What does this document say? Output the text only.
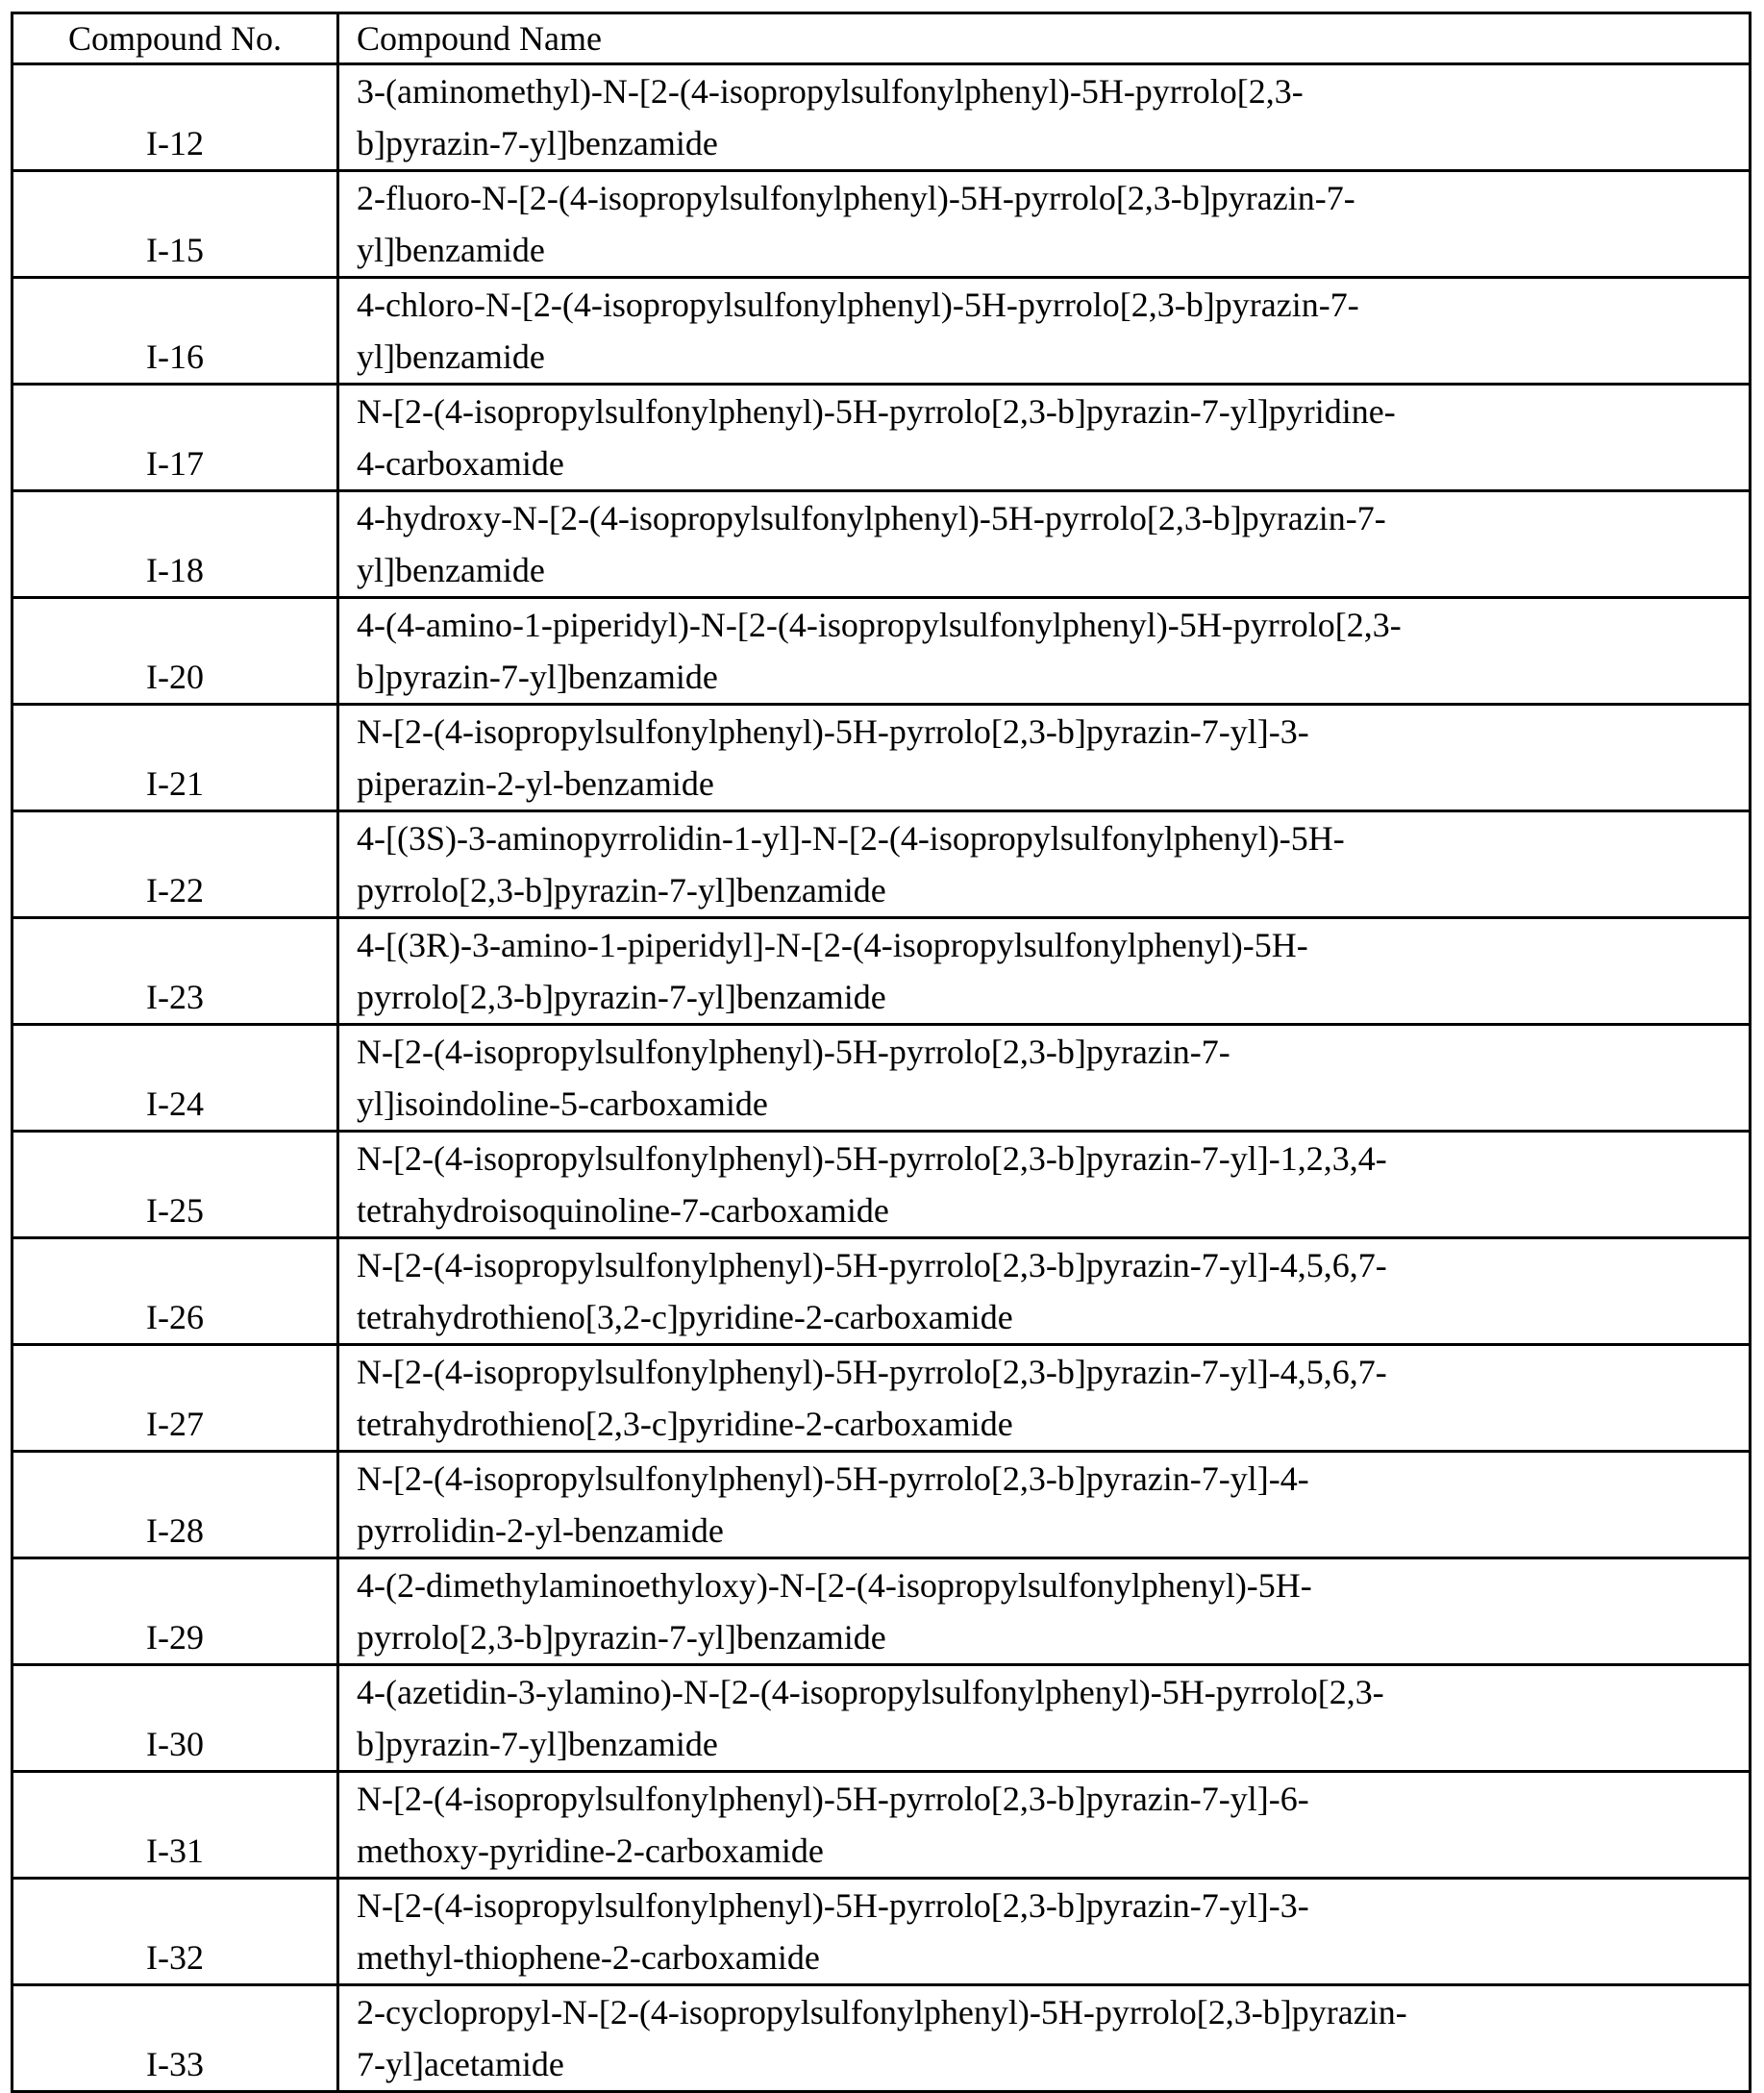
Compound No.	Compound Name
I-12	3-(aminomethyl)-N-[2-(4-isopropylsulfonylphenyl)-5H-pyrrolo[2,3-
b]pyrazin-7-yl]benzamide
I-15	2-fluoro-N-[2-(4-isopropylsulfonylphenyl)-5H-pyrrolo[2,3-b]pyrazin-7-
yl]benzamide
I-16	4-chloro-N-[2-(4-isopropylsulfonylphenyl)-5H-pyrrolo[2,3-b]pyrazin-7-
yl]benzamide
I-17	N-[2-(4-isopropylsulfonylphenyl)-5H-pyrrolo[2,3-b]pyrazin-7-yl]pyridine-
4-carboxamide
I-18	4-hydroxy-N-[2-(4-isopropylsulfonylphenyl)-5H-pyrrolo[2,3-b]pyrazin-7-
yl]benzamide
I-20	4-(4-amino-1-piperidyl)-N-[2-(4-isopropylsulfonylphenyl)-5H-pyrrolo[2,3-
b]pyrazin-7-yl]benzamide
I-21	N-[2-(4-isopropylsulfonylphenyl)-5H-pyrrolo[2,3-b]pyrazin-7-yl]-3-
piperazin-2-yl-benzamide
I-22	4-[(3S)-3-aminopyrrolidin-1-yl]-N-[2-(4-isopropylsulfonylphenyl)-5H-
pyrrolo[2,3-b]pyrazin-7-yl]benzamide
I-23	4-[(3R)-3-amino-1-piperidyl]-N-[2-(4-isopropylsulfonylphenyl)-5H-
pyrrolo[2,3-b]pyrazin-7-yl]benzamide
I-24	N-[2-(4-isopropylsulfonylphenyl)-5H-pyrrolo[2,3-b]pyrazin-7-
yl]isoindoline-5-carboxamide
I-25	N-[2-(4-isopropylsulfonylphenyl)-5H-pyrrolo[2,3-b]pyrazin-7-yl]-1,2,3,4-
tetrahydroisoquinoline-7-carboxamide
I-26	N-[2-(4-isopropylsulfonylphenyl)-5H-pyrrolo[2,3-b]pyrazin-7-yl]-4,5,6,7-
tetrahydrothieno[3,2-c]pyridine-2-carboxamide
I-27	N-[2-(4-isopropylsulfonylphenyl)-5H-pyrrolo[2,3-b]pyrazin-7-yl]-4,5,6,7-
tetrahydrothieno[2,3-c]pyridine-2-carboxamide
I-28	N-[2-(4-isopropylsulfonylphenyl)-5H-pyrrolo[2,3-b]pyrazin-7-yl]-4-
pyrrolidin-2-yl-benzamide
I-29	4-(2-dimethylaminoethyloxy)-N-[2-(4-isopropylsulfonylphenyl)-5H-
pyrrolo[2,3-b]pyrazin-7-yl]benzamide
I-30	4-(azetidin-3-ylamino)-N-[2-(4-isopropylsulfonylphenyl)-5H-pyrrolo[2,3-
b]pyrazin-7-yl]benzamide
I-31	N-[2-(4-isopropylsulfonylphenyl)-5H-pyrrolo[2,3-b]pyrazin-7-yl]-6-
methoxy-pyridine-2-carboxamide
I-32	N-[2-(4-isopropylsulfonylphenyl)-5H-pyrrolo[2,3-b]pyrazin-7-yl]-3-
methyl-thiophene-2-carboxamide
I-33	2-cyclopropyl-N-[2-(4-isopropylsulfonylphenyl)-5H-pyrrolo[2,3-b]pyrazin-
7-yl]acetamide
